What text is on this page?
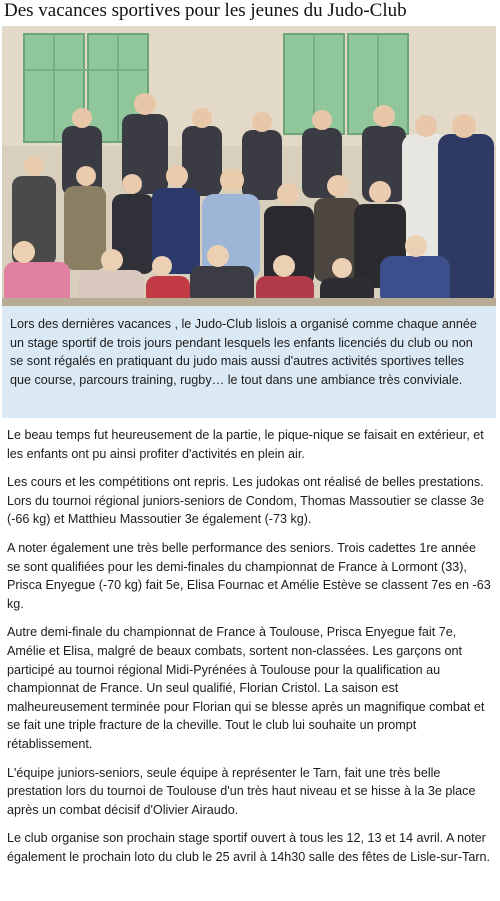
Des vacances sportives pour les jeunes du Judo-Club

Lors des dernières vacances , le Judo-Club lislois a organisé comme chaque année un stage sportif de trois jours pendant lesquels les enfants licenciés du club ou non se sont régalés en pratiquant du judo mais aussi d'autres activités sportives telles que course, parcours training, rugby… le tout dans une ambiance très conviviale.

Le beau temps fut heureusement de la partie, le pique-nique se faisait en extérieur, et les enfants ont pu ainsi profiter d'activités en plein air.

Les cours et les compétitions ont repris. Les judokas ont réalisé de belles prestations. Lors du tournoi régional juniors-seniors de Condom, Thomas Massoutier se classe 3e (-66 kg) et Matthieu Massoutier 3e également (-73 kg).

A noter également une très belle performance des seniors. Trois cadettes 1re année se sont qualifiées pour les demi-finales du championnat de France à Lormont (33), Prisca Enyegue (-70 kg) fait 5e, Elisa Fournac et Amélie Estève se classent 7es en -63 kg.

Autre demi-finale du championnat de France à Toulouse, Prisca Enyegue fait 7e, Amélie et Elisa, malgré de beaux combats, sortent non-classées. Les garçons ont participé au tournoi régional Midi-Pyrénées à Toulouse pour la qualification au championnat de France. Un seul qualifié, Florian Cristol. La saison est malheureusement terminée pour Florian qui se blesse après un magnifique combat et se fait une triple fracture de la cheville. Tout le club lui souhaite un prompt rétablissement.

L'équipe juniors-seniors, seule équipe à représenter le Tarn, fait une très belle prestation lors du tournoi de Toulouse d'un très haut niveau et se hisse à la 3e place après un combat décisif d'Olivier Airaudo.

Le club organise son prochain stage sportif ouvert à tous les 12, 13 et 14 avril. A noter également le prochain loto du club le 25 avril à 14h30 salle des fêtes de Lisle-sur-Tarn.
